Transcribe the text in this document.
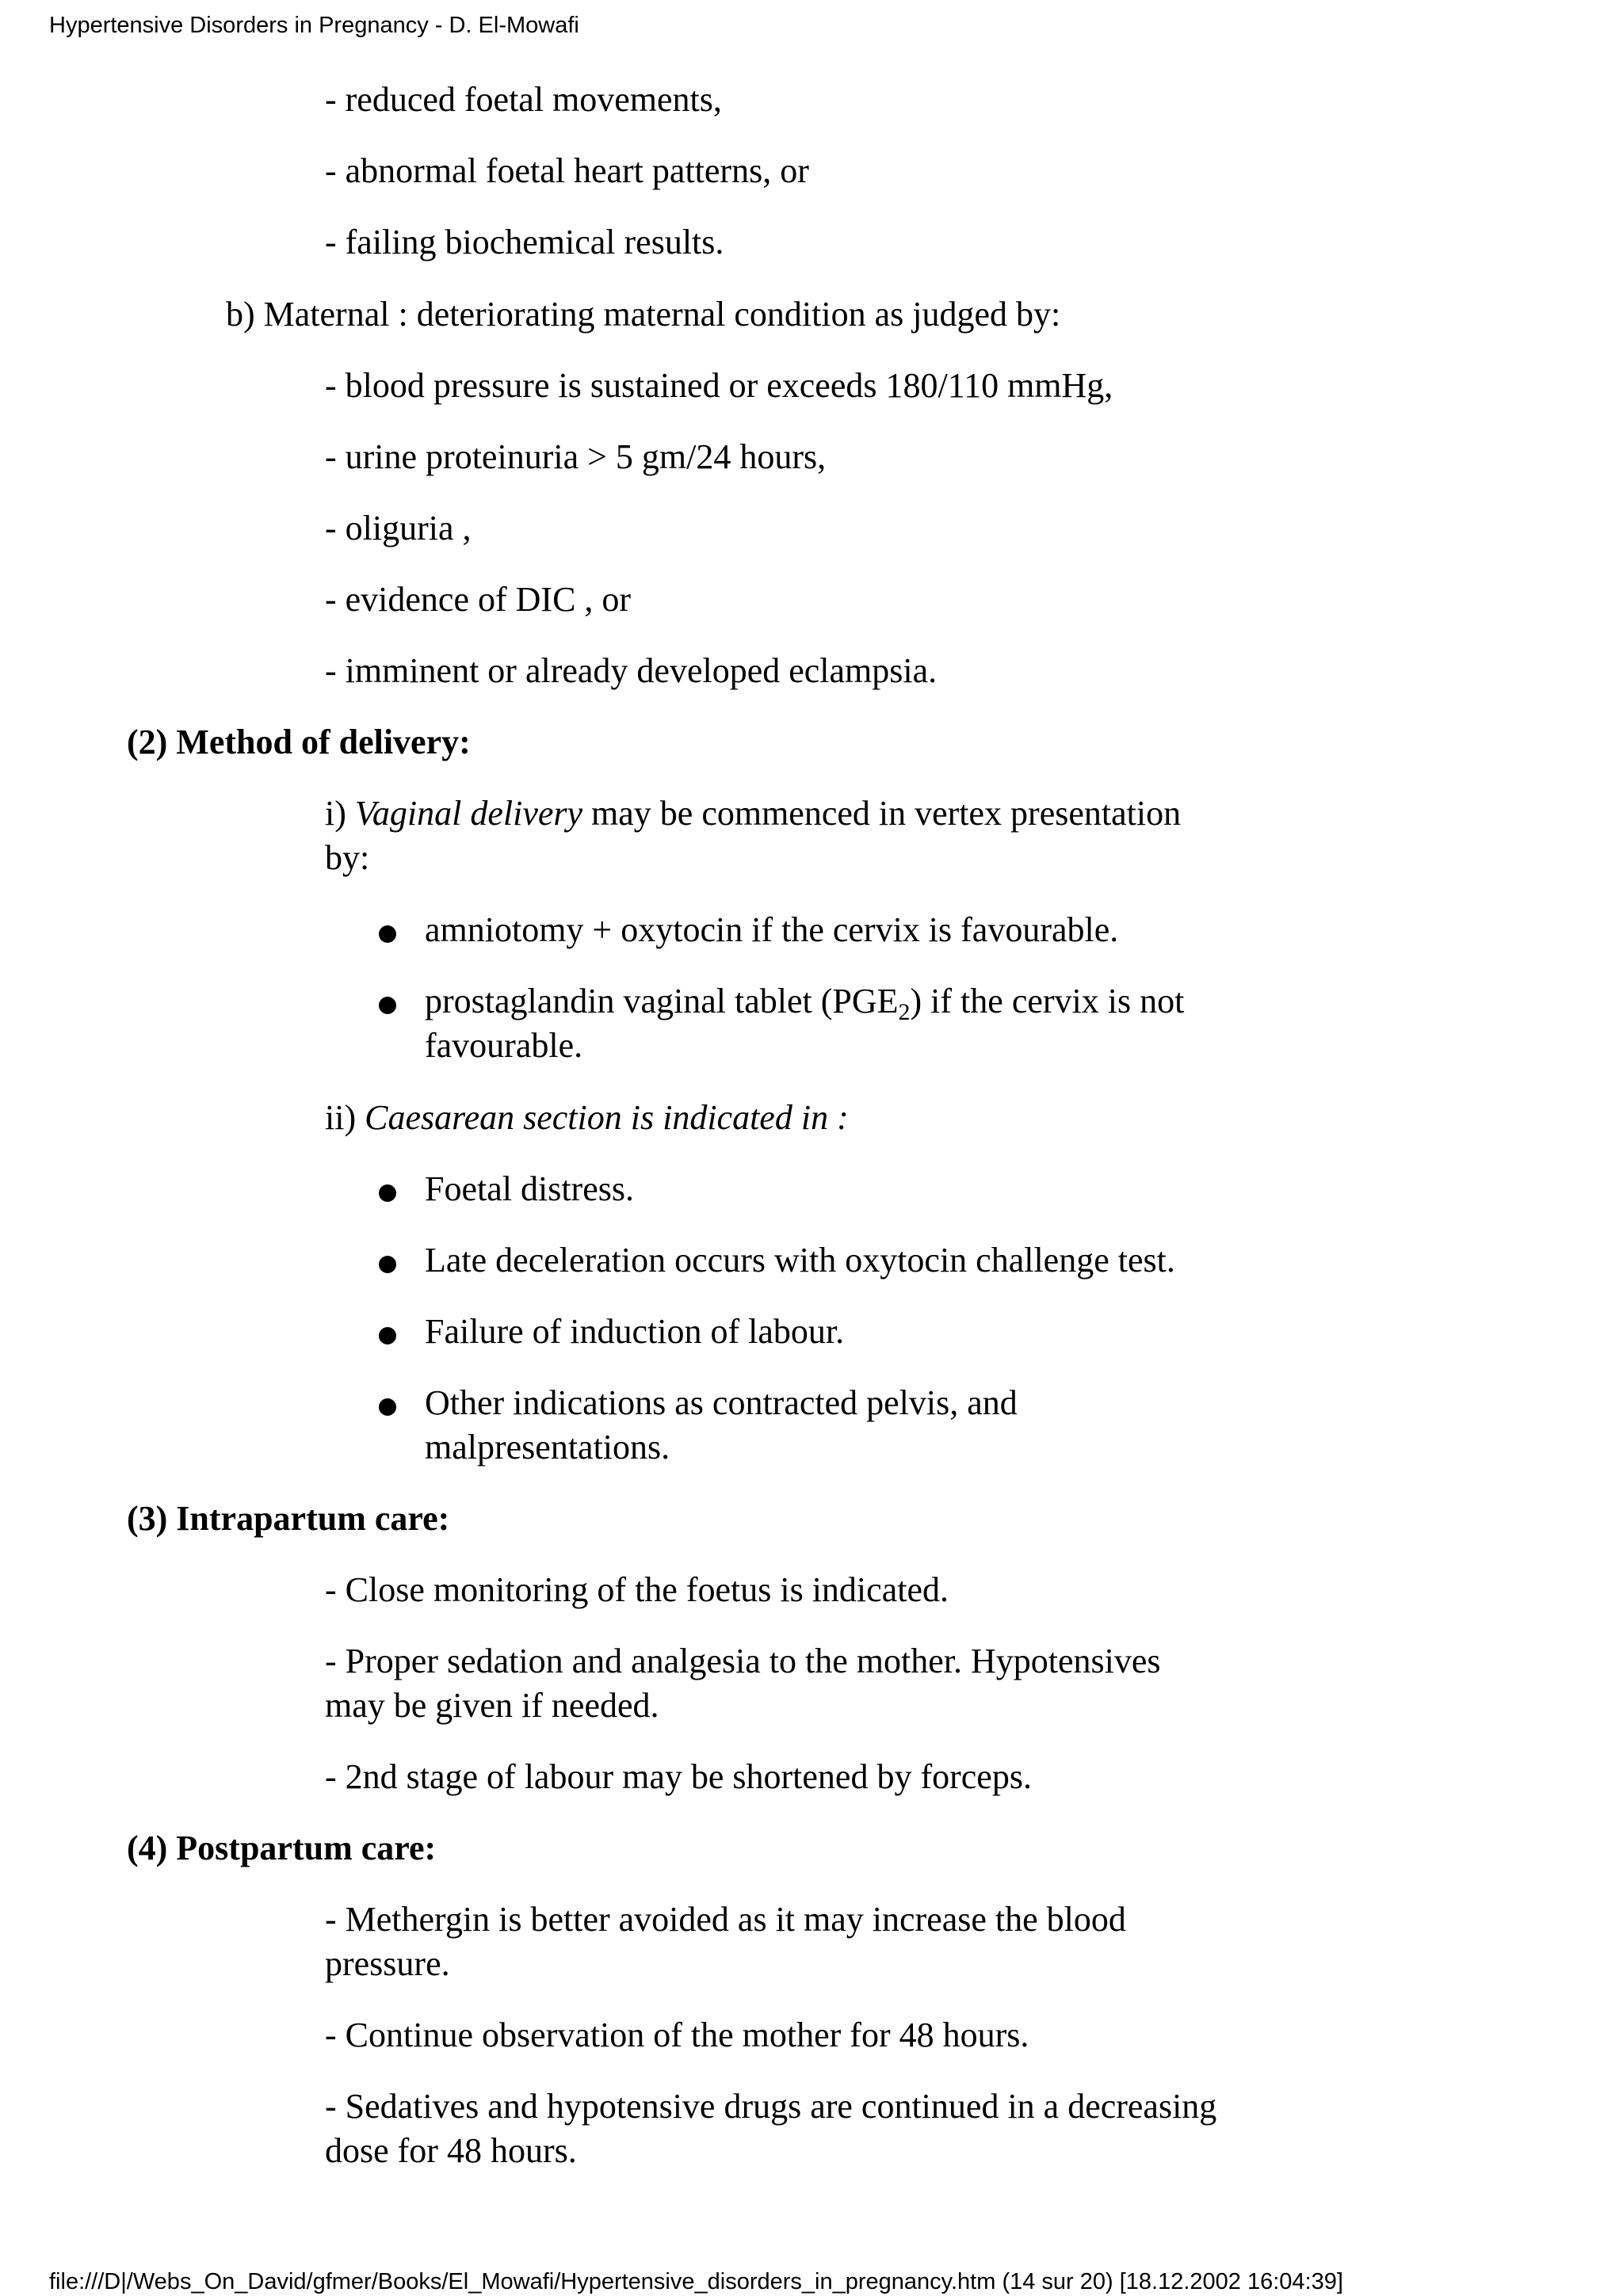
Hypertensive Disorders in Pregnancy - D. El-Mowafi
- reduced foetal movements,
- abnormal foetal heart patterns, or
- failing biochemical results.
b) Maternal : deteriorating maternal condition as judged by:
- blood pressure is sustained or exceeds 180/110 mmHg,
- urine proteinuria > 5 gm/24 hours,
- oliguria ,
- evidence of DIC , or
- imminent or already developed eclampsia.
(2) Method of delivery:
i) Vaginal delivery may be commenced in vertex presentation
by:
amniotomy + oxytocin if the cervix is favourable.
prostaglandin vaginal tablet $(PGE_2)$ if the cervix is not
favourable.
ii) Caesarean section is indicated in :
Foetal distress.
Late deceleration occurs with oxytocin challenge test.
Failure of induction of labour.
Other indications as contracted pelvis, and
malpresentations.
(3) Intrapartum care:
- Close monitoring of the foetus is indicated.
- Proper sedation and analgesia to the mother. Hypotensives
may be given if needed.
- 2nd stage of labour may be shortened by forceps.
(4) Postpartum care:
- Methergin is better avoided as it may increase the blood
pressure.
- Continue observation of the mother for 48 hours.
- Sedatives and hypotensive drugs are continued in a decreasing
dose for 48 hours.
file:///D|/Webs_On_David/gfmer/Books/El_Mowafi/Hypertensive_disorders_in_pregnancy.htm (14 sur 20) [18.12.2002 16:04:39]
